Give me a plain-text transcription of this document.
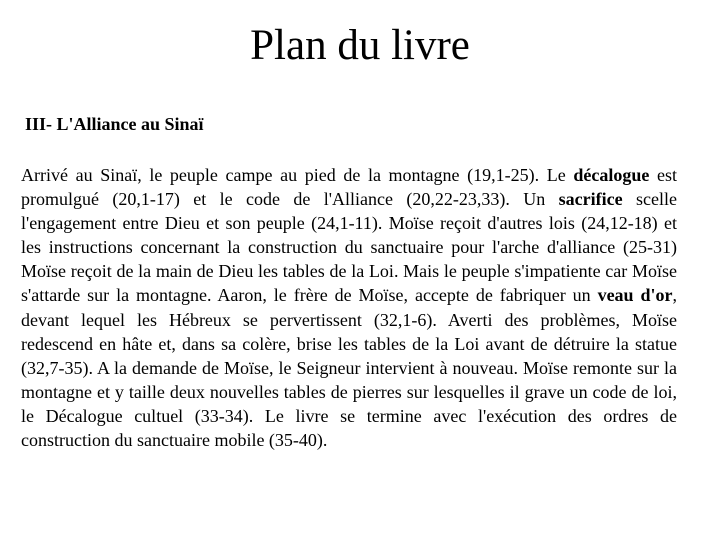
Plan du livre
III- L'Alliance au Sinaï

Arrivé au Sinaï, le peuple campe au pied de la montagne (19,1-25). Le décalogue est promulgué (20,1-17) et le code de l'Alliance (20,22-23,33). Un sacrifice scelle l'engagement entre Dieu et son peuple (24,1-11). Moïse reçoit d'autres lois (24,12-18) et les instructions concernant la construction du sanctuaire pour l'arche d'alliance (25-31) Moïse reçoit de la main de Dieu les tables de la Loi. Mais le peuple s'impatiente car Moïse s'attarde sur la montagne. Aaron, le frère de Moïse, accepte de fabriquer un veau d'or, devant lequel les Hébreux se pervertissent (32,1-6). Averti des problèmes, Moïse redescend en hâte et, dans sa colère, brise les tables de la Loi avant de détruire la statue (32,7-35). A la demande de Moïse, le Seigneur intervient à nouveau. Moïse remonte sur la montagne et y taille deux nouvelles tables de pierres sur lesquelles il grave un code de loi, le Décalogue cultuel (33-34). Le livre se termine avec l'exécution des ordres de construction du sanctuaire mobile (35-40).
